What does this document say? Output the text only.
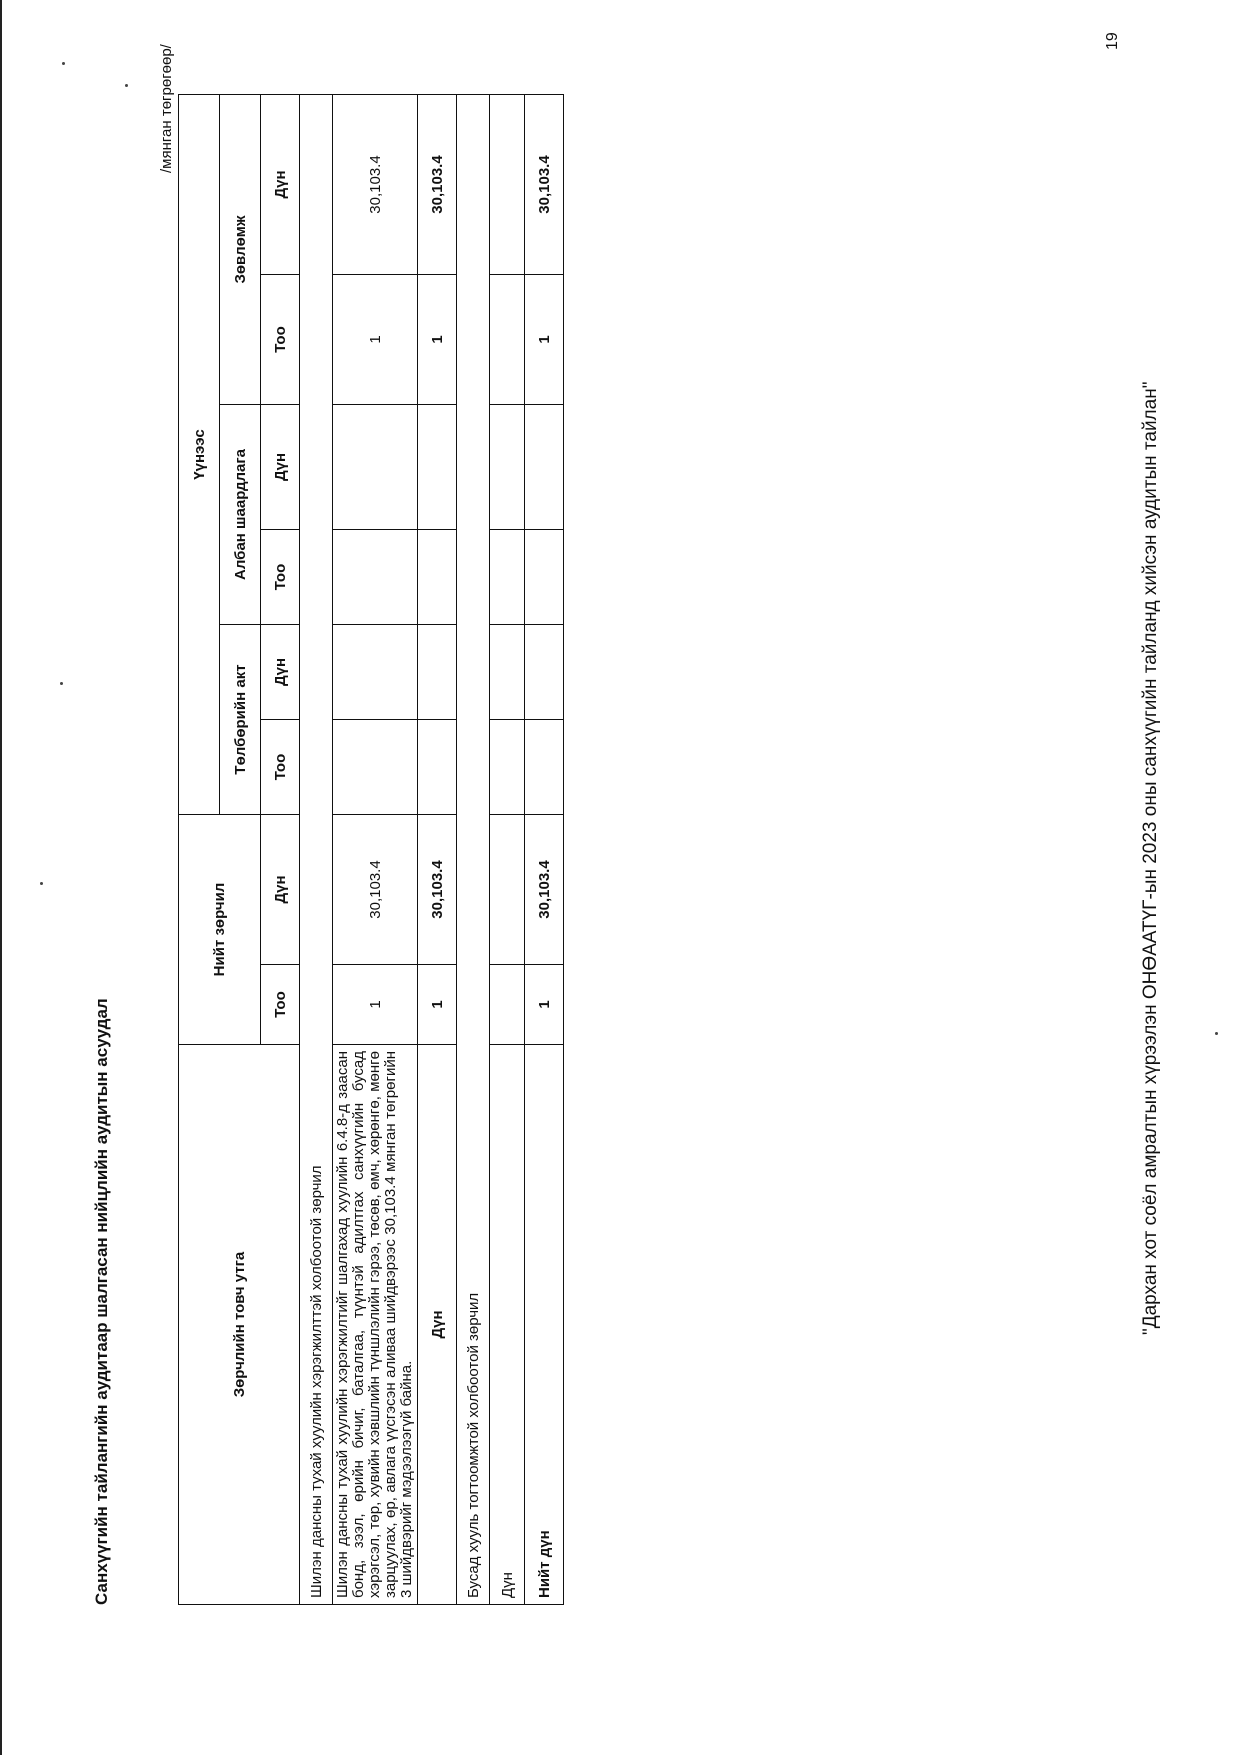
Санхүүгийн тайлангийн аудитаар шалгасан нийцлийн аудитын асуудал
/мянган төгрөгөөр/
Зөрчлийн товч утга	Нийт зөрчил		Үүнээс					
			Төлбөрийн акт		Албан шаардлага		Зөвлөмж	
	Тоо	Дүн	Тоо	Дүн	Тоо	Дүн	Тоо	Дүн
Шилэн дансны тухай хуулийн хэрэгжилттэй холбоотой зөрчил								
Шилэн дансны тухай хуулийн хэрэгжилтийг шалгахад хуулийн 6.4.8-д заасан бонд, зээл, өрийн бичиг, баталгаа, түүнтэй адилтгах санхүүгийн бусад хэрэгсэл, төр, хувийн хэвшлийн түншлэлийн гэрээ, төсөв, өмч, хөрөнгө, мөнгө зарцуулах, өр, авлага үүсгэсэн аливаа шийдвэрээс 30,103.4 мянган төгрөгийн 3 шийдвэрийг мэдээлээгүй байна.	1	30,103.4					1	30,103.4
Дүн	1	30,103.4					1	30,103.4
Бусад хууль тогтоомжтой холбоотой зөрчил								
Дүн								
Нийт дүн	1	30,103.4					1	30,103.4
"Дархан хот соёл амралтын хүрээлэн ОНӨААТҮГ-ын 2023 оны санхүүгийн тайланд хийсэн аудитын тайлан"
19
